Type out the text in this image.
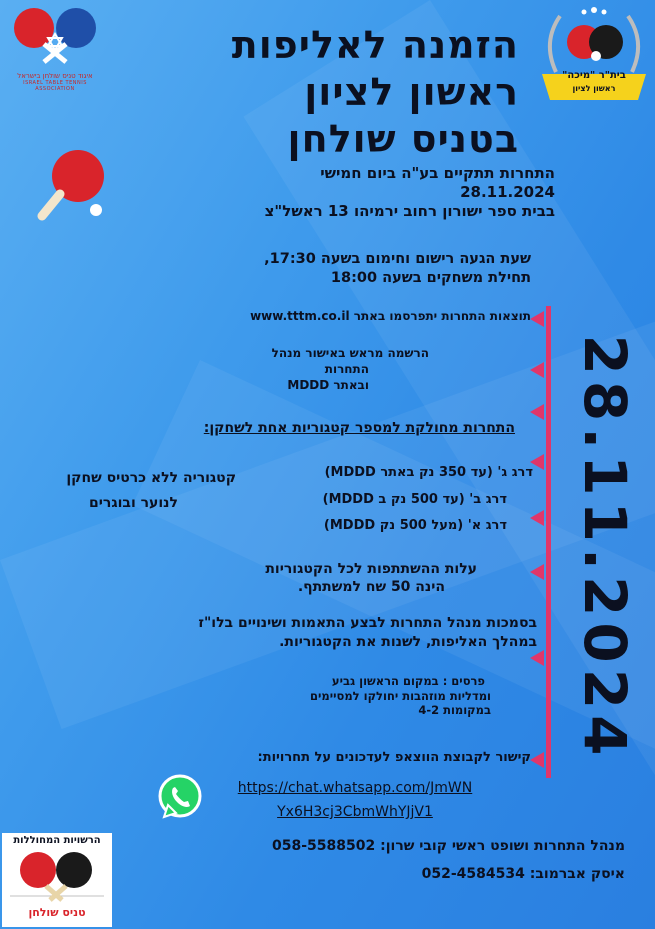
איגוד טניס שולחן בישראל
ISRAEL TABLE TENNIS ASSOCIATION
בית"ר "מיכה"
ראשון לציון
הזמנה לאליפות
ראשון לציון
בטניס שולחן
התחרות תתקיים בע"ה ביום חמישי
28.11.2024
בבית ספר ישורון רחוב ירמיהו 13 ראשל"צ
שעת הגעה רישום וחימום בשעה 17:30,
תחילת משחקים בשעה 18:00
28.11.2024
תוצאות התחרות יתפרסמו באתר www.tttm.co.il
הרשמה מראש באישור מנהל
התחרות
ובאתר MDDD
התחרות מחולקת למספר קטגוריות אחת לשחקן:
דרג ג' (עד 350 נק באתר MDDD)
דרג ב' (עד 500 נק ב MDDD)
דרג א' (מעל 500 נק MDDD)
קטגוריה ללא כרטיס שחקן
לנוער ובוגרים
עלות ההשתתפות לכל הקטגוריות
הינה 50 שח למשתתף.
בסמכות מנהל התחרות לבצע התאמות ושינויים בלו"ז
במהלך האליפות, לשנות את הקטגוריות.
פרסים : במקום הראשון גביע
ומדליות מוזהבות יחולקו למסיימים
במקומות 4-2
קישור לקבוצת הווצאפ לעדכונים על תחרויות:
https://chat.whatsapp.com/JmWN
Yx6H3cj3CbmWhYJjV1
מנהל התחרות ושופט ראשי קובי שרון: 058-5588502
איסק אברמוב: 052-4584534
הרשויות המחוללות
טניס שולחן
